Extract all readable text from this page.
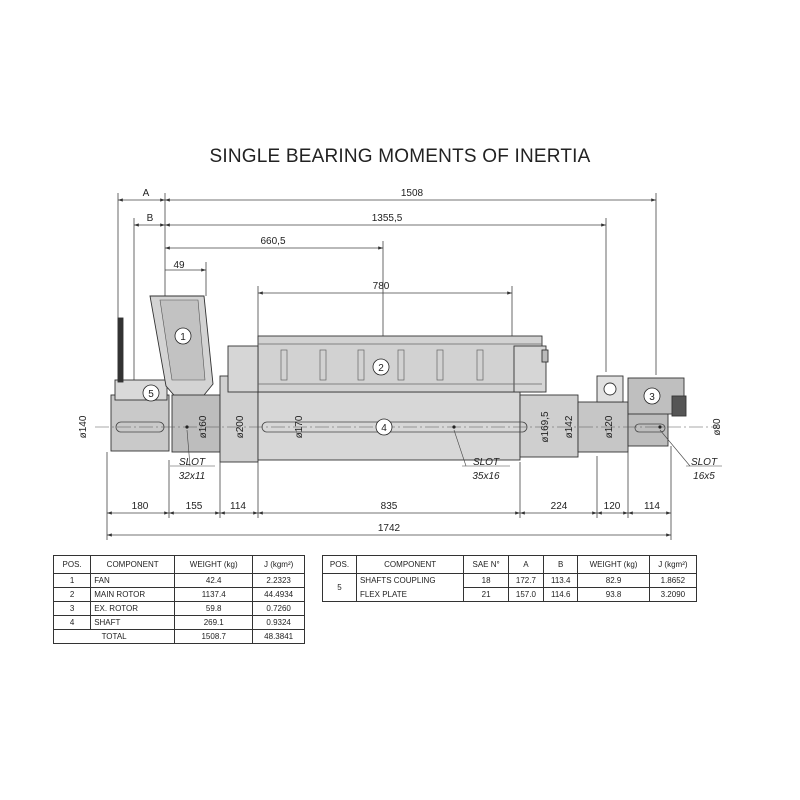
SINGLE BEARING MOMENTS OF INERTIA
A	1508
B	1355,5
660,5
780
49
ø140	ø160	ø200	ø170	ø169,5 ø142	ø120	ø80
1
2
3
4
5
SLOT
32x11
SLOT
35x16
SLOT
16x5
180	155	114	835	224	120 114
1742
POS.	COMPONENT	WEIGHT (kg)	J (kgm²)
1	FAN	42.4	2.2323
2	MAIN ROTOR	1137.4	44.4934
3	EX. ROTOR	59.8	0.7260
4	SHAFT	269.1	0.9324
TOTAL		1508.7	48.3841
POS.	COMPONENT	SAE N°	A	B	WEIGHT (kg)	J (kgm²)
5	SHAFTS COUPLING	18	172.7	113.4	82.9	1.8652
	FLEX PLATE	21	157.0	114.6	93.8	3.2090
